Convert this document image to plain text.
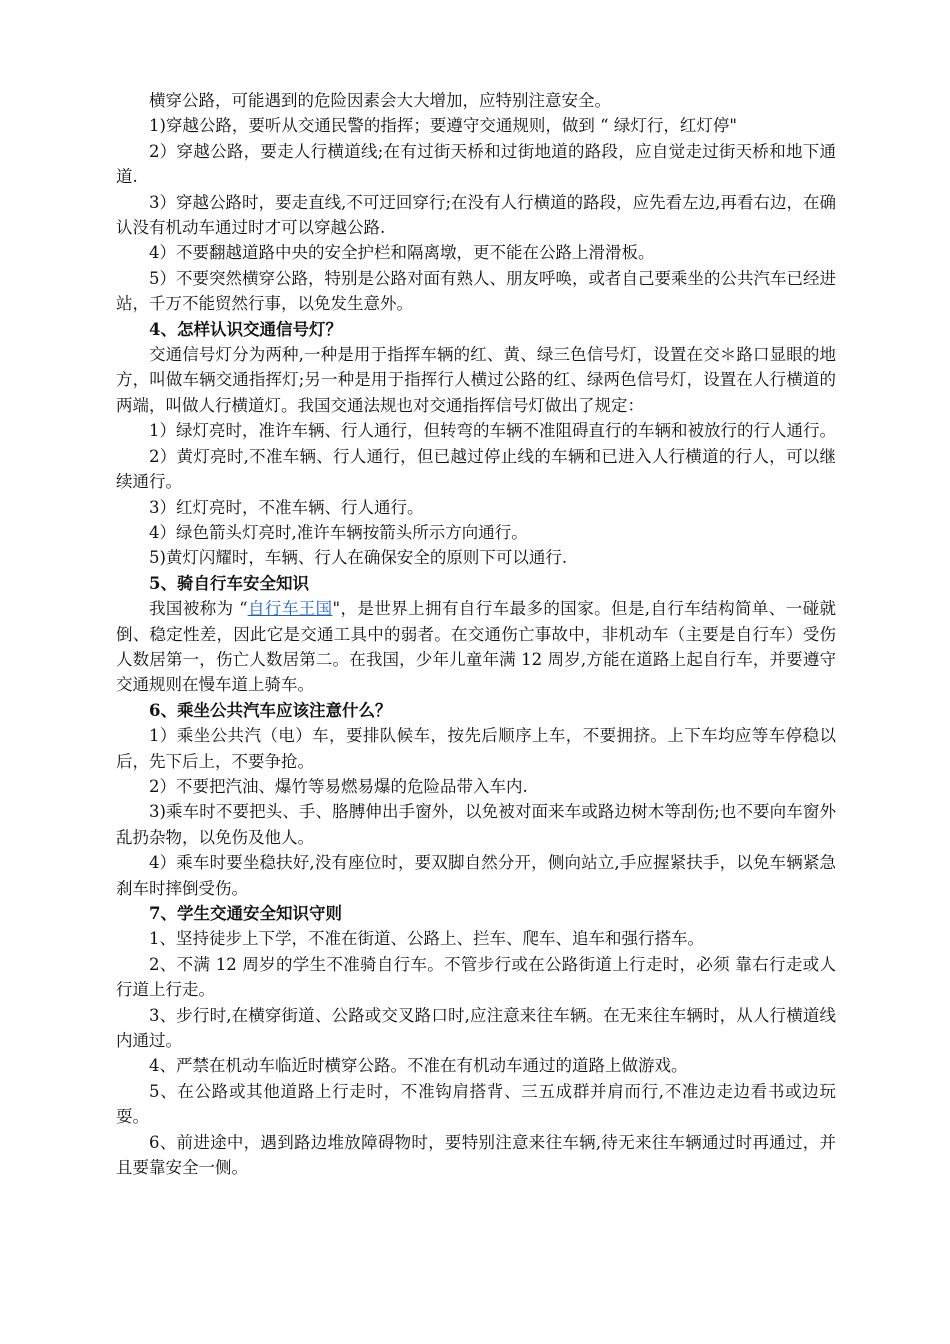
横穿公路，可能遇到的危险因素会大大增加，应特别注意安全。

1)穿越公路，要听从交通民警的指挥；要遵守交通规则，做到 “ 绿灯行，红灯停"

2）穿越公路，要走人行横道线;在有过街天桥和过街地道的路段，应自觉走过街天桥和地下通道.

3）穿越公路时，要走直线,不可迂回穿行;在没有人行横道的路段，应先看左边,再看右边，在确认没有机动车通过时才可以穿越公路.

4）不要翻越道路中央的安全护栏和隔离墩，更不能在公路上滑滑板。

5）不要突然横穿公路，特别是公路对面有熟人、朋友呼唤，或者自己要乘坐的公共汽车已经进站，千万不能贸然行事，以免发生意外。

4、怎样认识交通信号灯？

交通信号灯分为两种,一种是用于指挥车辆的红、黄、绿三色信号灯，设置在交＊路口显眼的地方，叫做车辆交通指挥灯;另一种是用于指挥行人横过公路的红、绿两色信号灯，设置在人行横道的两端，叫做人行横道灯。我国交通法规也对交通指挥信号灯做出了规定：

1）绿灯亮时，准许车辆、行人通行，但转弯的车辆不准阻碍直行的车辆和被放行的行人通行。

2）黄灯亮时,不准车辆、行人通行，但已越过停止线的车辆和已进入人行横道的行人，可以继续通行。

3）红灯亮时，不准车辆、行人通行。

4）绿色箭头灯亮时,准许车辆按箭头所示方向通行。

5)黄灯闪耀时，车辆、行人在确保安全的原则下可以通行.

5、骑自行车安全知识

我国被称为 “自行车王国"，是世界上拥有自行车最多的国家。但是,自行车结构简单、一碰就倒、稳定性差，因此它是交通工具中的弱者。在交通伤亡事故中，非机动车（主要是自行车）受伤人数居第一，伤亡人数居第二。在我国，少年儿童年满 12 周岁,方能在道路上起自行车，并要遵守交通规则在慢车道上骑车。

6、乘坐公共汽车应该注意什么？

1）乘坐公共汽（电）车，要排队候车，按先后顺序上车，不要拥挤。上下车均应等车停稳以后，先下后上，不要争抢。

2）不要把汽油、爆竹等易燃易爆的危险品带入车内.

3)乘车时不要把头、手、胳膊伸出手窗外，以免被对面来车或路边树木等刮伤;也不要向车窗外乱扔杂物，以免伤及他人。

4）乘车时要坐稳扶好,没有座位时，要双脚自然分开，侧向站立,手应握紧扶手，以免车辆紧急刹车时摔倒受伤。

7、学生交通安全知识守则

1、坚持徒步上下学，不准在街道、公路上、拦车、爬车、追车和强行搭车。

2、不满 12 周岁的学生不准骑自行车。不管步行或在公路街道上行走时，必须 靠右行走或人行道上行走。

3、步行时,在横穿街道、公路或交叉路口时,应注意来往车辆。在无来往车辆时，从人行横道线内通过。

4、严禁在机动车临近时横穿公路。不准在有机动车通过的道路上做游戏。

5、在公路或其他道路上行走时，不准钩肩搭背、三五成群并肩而行,不准边走边看书或边玩耍。

6、前进途中，遇到路边堆放障碍物时，要特别注意来往车辆,待无来往车辆通过时再通过，并且要靠安全一侧。
